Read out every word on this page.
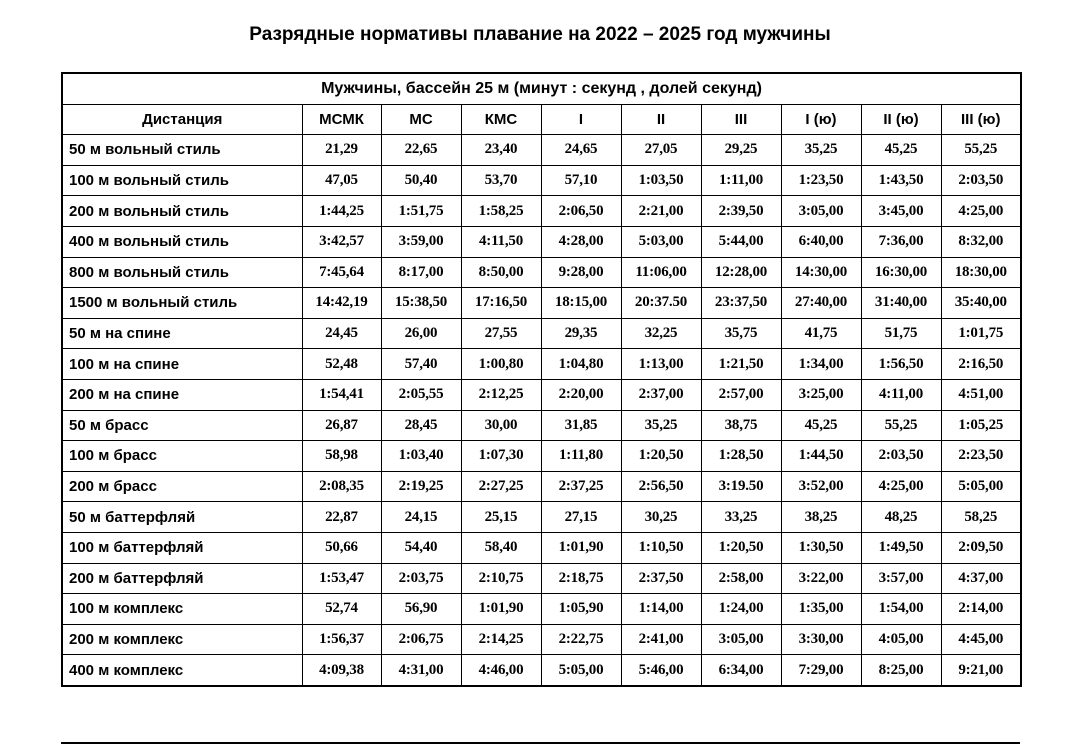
Разрядные нормативы плавание на 2022 – 2025 год мужчины
Мужчины, бассейн 25 м (минут : секунд , долей секунд)									
Дистанция	МСМК	МС	КМС	I	II	III	I (ю)	II (ю)	III (ю)
50 м вольный стиль	21,29	22,65	23,40	24,65	27,05	29,25	35,25	45,25	55,25
100 м вольный стиль	47,05	50,40	53,70	57,10	1:03,50	1:11,00	1:23,50	1:43,50	2:03,50
200 м вольный стиль	1:44,25	1:51,75	1:58,25	2:06,50	2:21,00	2:39,50	3:05,00	3:45,00	4:25,00
400 м вольный стиль	3:42,57	3:59,00	4:11,50	4:28,00	5:03,00	5:44,00	6:40,00	7:36,00	8:32,00
800 м вольный стиль	7:45,64	8:17,00	8:50,00	9:28,00	11:06,00	12:28,00	14:30,00	16:30,00	18:30,00
1500 м вольный стиль	14:42,19	15:38,50	17:16,50	18:15,00	20:37.50	23:37,50	27:40,00	31:40,00	35:40,00
50 м на спине	24,45	26,00	27,55	29,35	32,25	35,75	41,75	51,75	1:01,75
100 м на спине	52,48	57,40	1:00,80	1:04,80	1:13,00	1:21,50	1:34,00	1:56,50	2:16,50
200 м на спине	1:54,41	2:05,55	2:12,25	2:20,00	2:37,00	2:57,00	3:25,00	4:11,00	4:51,00
50 м брасс	26,87	28,45	30,00	31,85	35,25	38,75	45,25	55,25	1:05,25
100 м брасс	58,98	1:03,40	1:07,30	1:11,80	1:20,50	1:28,50	1:44,50	2:03,50	2:23,50
200 м брасс	2:08,35	2:19,25	2:27,25	2:37,25	2:56,50	3:19.50	3:52,00	4:25,00	5:05,00
50 м баттерфляй	22,87	24,15	25,15	27,15	30,25	33,25	38,25	48,25	58,25
100 м баттерфляй	50,66	54,40	58,40	1:01,90	1:10,50	1:20,50	1:30,50	1:49,50	2:09,50
200 м баттерфляй	1:53,47	2:03,75	2:10,75	2:18,75	2:37,50	2:58,00	3:22,00	3:57,00	4:37,00
100 м комплекс	52,74	56,90	1:01,90	1:05,90	1:14,00	1:24,00	1:35,00	1:54,00	2:14,00
200 м комплекс	1:56,37	2:06,75	2:14,25	2:22,75	2:41,00	3:05,00	3:30,00	4:05,00	4:45,00
400 м комплекс	4:09,38	4:31,00	4:46,00	5:05,00	5:46,00	6:34,00	7:29,00	8:25,00	9:21,00
